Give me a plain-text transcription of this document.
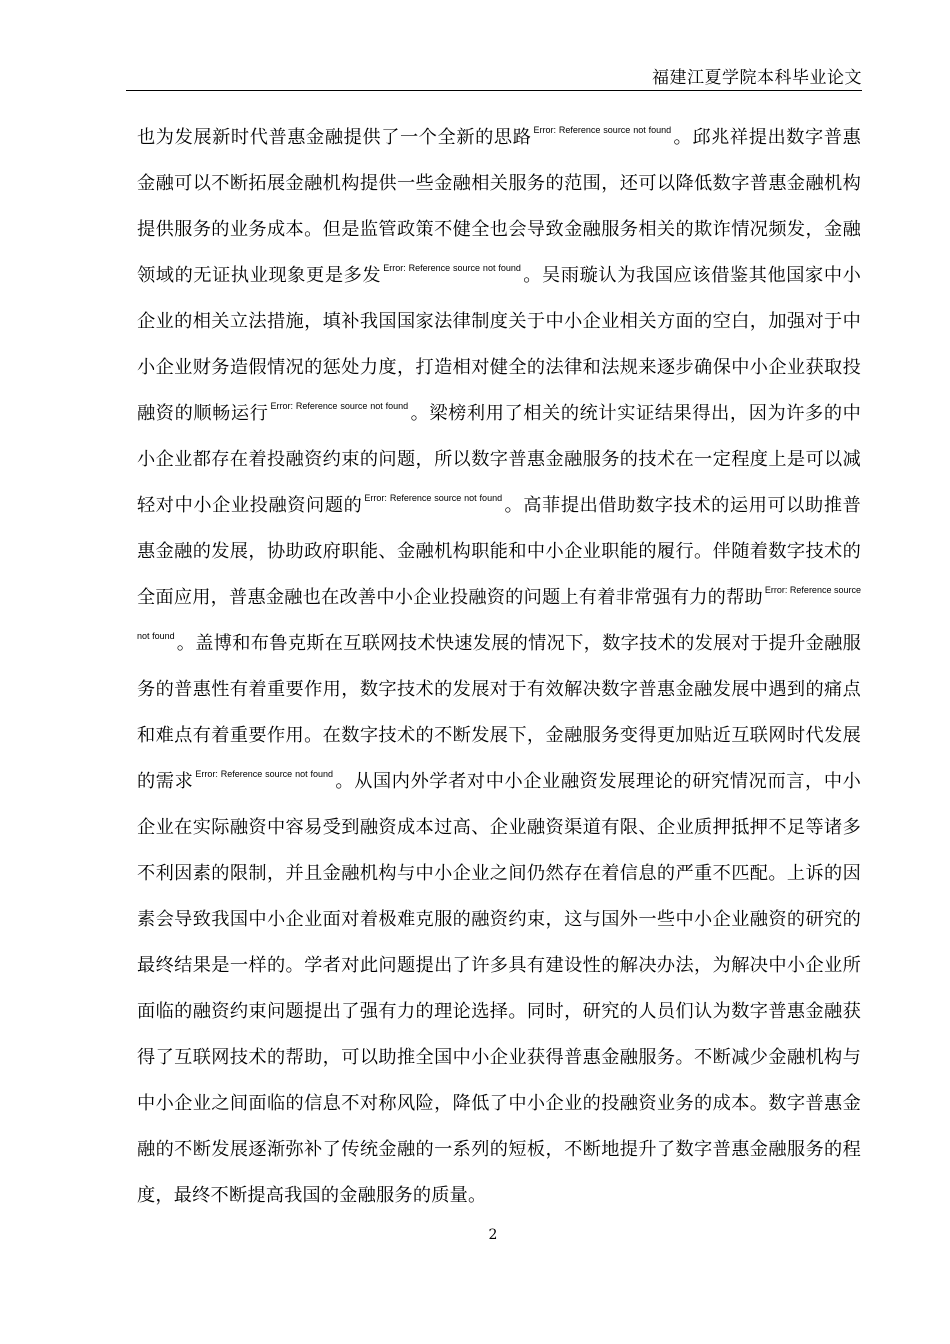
福建江夏学院本科毕业论文

也为发展新时代普惠金融提供了一个全新的思路 $^{Error: Reference source not found}$ 。邱兆祥提出数字普惠金融可以不断拓展金融机构提供一些金融相关服务的范围，还可以降低数字普惠金融机构提供服务的业务成本。但是监管政策不健全也会导致金融服务相关的欺诈情况频发，金融领域的无证执业现象更是多发 $^{Error: Reference source not found}$ 。吴雨璇认为我国应该借鉴其他国家中小企业的相关立法措施，填补我国国家法律制度关于中小企业相关方面的空白，加强对于中小企业财务造假情况的惩处力度，打造相对健全的法律和法规来逐步确保中小企业获取投融资的顺畅运行 $^{Error: Reference source not found}$ 。梁榜利用了相关的统计实证结果得出，因为许多的中小企业都存在着投融资约束的问题，所以数字普惠金融服务的技术在一定程度上是可以减轻对中小企业投融资问题的 $^{Error: Reference source not found}$ 。高菲提出借助数字技术的运用可以助推普惠金融的发展，协助政府职能、金融机构职能和中小企业职能的履行。伴随着数字技术的全面应用，普惠金融也在改善中小企业投融资的问题上有着非常强有力的帮助 $^{Error: Reference source not found}$ 。盖博和布鲁克斯在互联网技术快速发展的情况下，数字技术的发展对于提升金融服务的普惠性有着重要作用，数字技术的发展对于有效解决数字普惠金融发展中遇到的痛点和难点有着重要作用。在数字技术的不断发展下，金融服务变得更加贴近互联网时代发展的需求 $^{Error: Reference source not found}$ 。从国内外学者对中小企业融资发展理论的研究情况而言，中小企业在实际融资中容易受到融资成本过高、企业融资渠道有限、企业质押抵押不足等诸多不利因素的限制，并且金融机构与中小企业之间仍然存在着信息的严重不匹配。上诉的因素会导致我国中小企业面对着极难克服的融资约束，这与国外一些中小企业融资的研究的最终结果是一样的。学者对此问题提出了许多具有建设性的解决办法，为解决中小企业所面临的融资约束问题提出了强有力的理论选择。同时，研究的人员们认为数字普惠金融获得了互联网技术的帮助，可以助推全国中小企业获得普惠金融服务。不断减少金融机构与中小企业之间面临的信息不对称风险，降低了中小企业的投融资业务的成本。数字普惠金融的不断发展逐渐弥补了传统金融的一系列的短板，不断地提升了数字普惠金融服务的程度，最终不断提高我国的金融服务的质量。

2
